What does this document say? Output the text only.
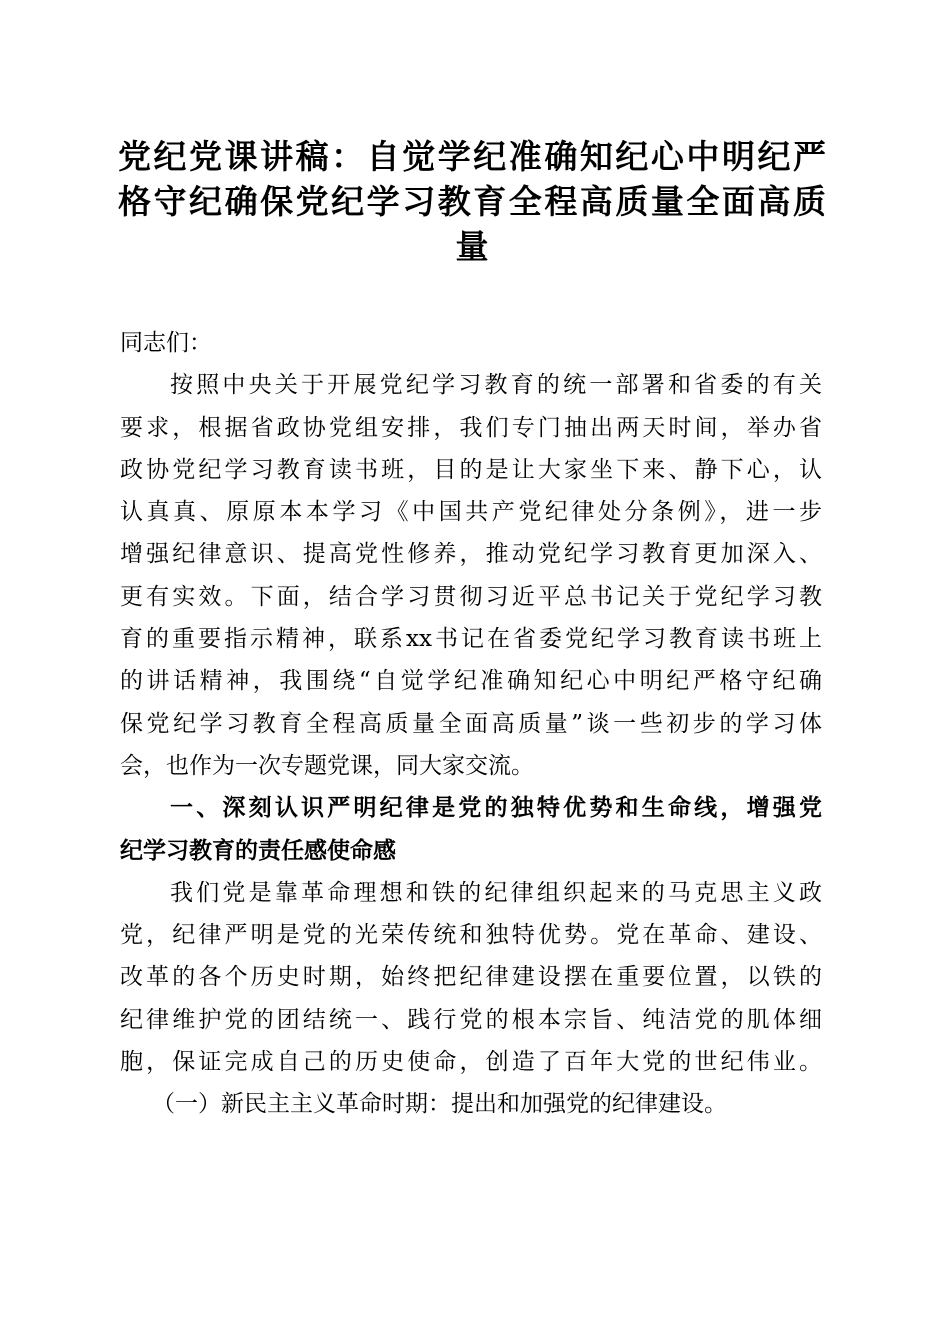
党纪党课讲稿：自觉学纪准确知纪心中明纪严
格守纪确保党纪学习教育全程高质量全面高质
量
同志们：
按照中央关于开展党纪学习教育的统一部署和省委的有关
要求，根据省政协党组安排，我们专门抽出两天时间，举办省
政协党纪学习教育读书班，目的是让大家坐下来、静下心，认
认真真、原原本本学习《中国共产党纪律处分条例》，进一步
增强纪律意识、提高党性修养，推动党纪学习教育更加深入、
更有实效。下面，结合学习贯彻习近平总书记关于党纪学习教
育的重要指示精神，联系xx书记在省委党纪学习教育读书班上
的讲话精神，我围绕“自觉学纪准确知纪心中明纪严格守纪确
保党纪学习教育全程高质量全面高质量”谈一些初步的学习体
会，也作为一次专题党课，同大家交流。
一、深刻认识严明纪律是党的独特优势和生命线，增强党
纪学习教育的责任感使命感
我们党是靠革命理想和铁的纪律组织起来的马克思主义政
党，纪律严明是党的光荣传统和独特优势。党在革命、建设、
改革的各个历史时期，始终把纪律建设摆在重要位置，以铁的
纪律维护党的团结统一、践行党的根本宗旨、纯洁党的肌体细
胞，保证完成自己的历史使命，创造了百年大党的世纪伟业。
（一）新民主主义革命时期：提出和加强党的纪律建设。
